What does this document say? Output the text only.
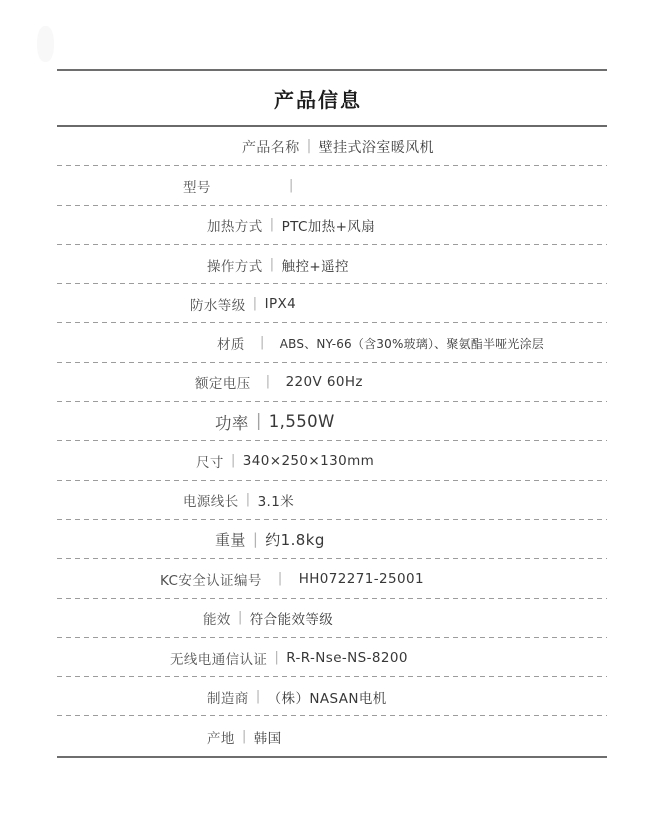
产品信息
产品名称 | 壁挂式浴室暖风机
型号	|
加热方式 | PTC加热+风扇
操作方式 | 触控+遥控
防水等级 | IPX4
材质 | ABS、NY-66（含30%玻璃）、聚氨酯半哑光涂层
额定电压 | 220V 60Hz
功率 | 1,550W
尺寸 | 340×250×130mm
电源线长 | 3.1米
重量 | 约1.8kg
KC安全认证编号 | HH072271-25001
能效 | 符合能效等级
无线电通信认证 | R-R-Nse-NS-8200
制造商 | （株）NASAN电机
产地 | 韩国
